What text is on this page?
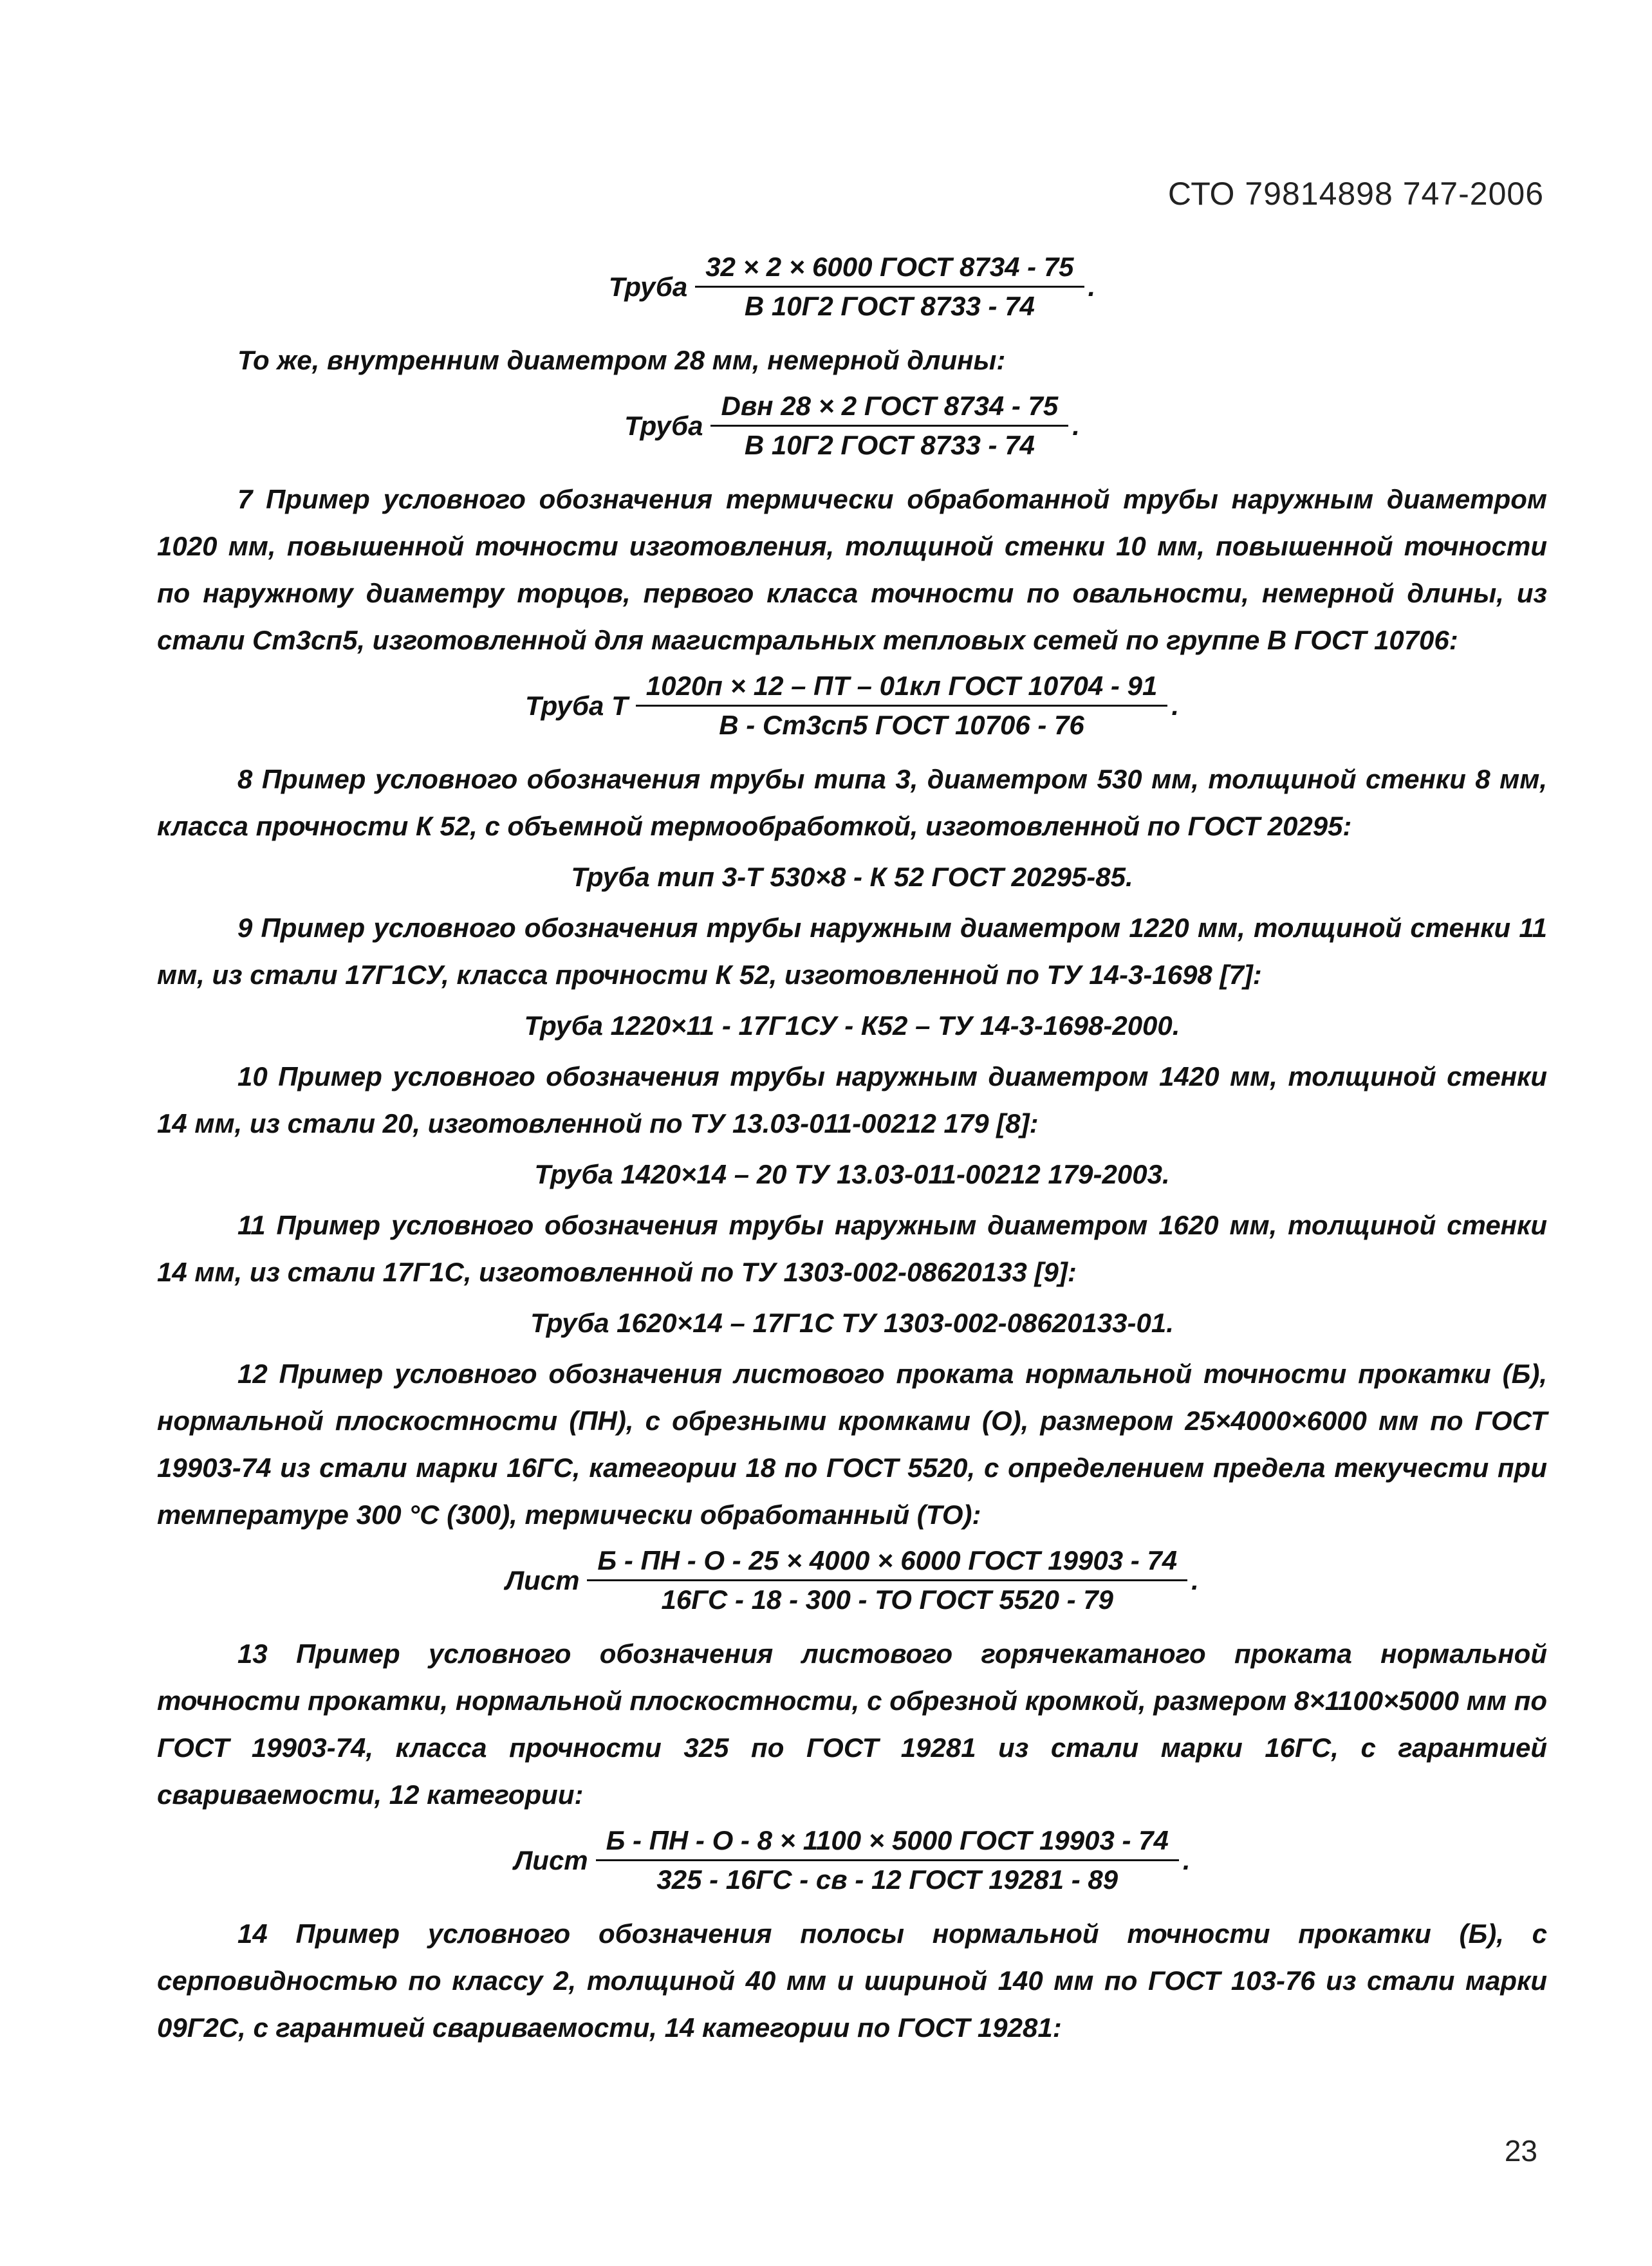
СТО 79814898 747-2006
Труба $\frac{\text{32 × 2 × 6000 ГОСТ 8734 - 75}}{\text{В 10Г2 ГОСТ 8733 - 74}}$ .

То же, внутренним диаметром 28 мм, немерной длины:

Труба $\frac{\text{Dвн 28 × 2 ГОСТ 8734 - 75}}{\text{В 10Г2 ГОСТ 8733 - 74}}$ .

7 Пример условного обозначения термически обработанной трубы наружным диаметром 1020 мм, повышенной точности изготовления, толщиной стенки 10 мм, повышенной точности по наружному диаметру торцов, первого класса точности по овальности, немерной длины, из стали Ст3сп5, изготовленной для магистральных тепловых сетей по группе В ГОСТ 10706:

Труба Т $\frac{\text{1020п × 12 – ПТ – 01кл ГОСТ 10704 - 91}}{\text{В - Ст3сп5 ГОСТ 10706 - 76}}$ .

8 Пример условного обозначения трубы типа 3, диаметром 530 мм, толщиной стенки 8 мм, класса прочности К 52, с объемной термообработкой, изготовленной по ГОСТ 20295:

Труба тип 3-Т 530×8 - К 52 ГОСТ 20295-85.

9 Пример условного обозначения трубы наружным диаметром 1220 мм, толщиной стенки 11 мм, из стали 17Г1СУ, класса прочности К 52, изготовленной по ТУ 14-3-1698 [7]:

Труба 1220×11 - 17Г1СУ - К52 – ТУ 14-3-1698-2000.

10 Пример условного обозначения трубы наружным диаметром 1420 мм, толщиной стенки 14 мм, из стали 20, изготовленной по ТУ 13.03-011-00212 179 [8]:

Труба 1420×14 – 20 ТУ 13.03-011-00212 179-2003.

11 Пример условного обозначения трубы наружным диаметром 1620 мм, толщиной стенки 14 мм, из стали 17Г1С, изготовленной по ТУ 1303-002-08620133 [9]:

Труба 1620×14 – 17Г1С ТУ 1303-002-08620133-01.

12 Пример условного обозначения листового проката нормальной точности прокатки (Б), нормальной плоскостности (ПН), с обрезными кромками (О), размером 25×4000×6000 мм по ГОСТ 19903-74 из стали марки 16ГС, категории 18 по ГОСТ 5520, с определением предела текучести при температуре 300 °С (300), термически обработанный (ТО):

Лист $\frac{\text{Б - ПН - О - 25 × 4000 × 6000 ГОСТ 19903 - 74}}{\text{16ГС - 18 - 300 - ТО ГОСТ 5520 - 79}}$ .

13 Пример условного обозначения листового горячекатаного проката нормальной точности прокатки, нормальной плоскостности, с обрезной кромкой, размером 8×1100×5000 мм по ГОСТ 19903-74, класса прочности 325 по ГОСТ 19281 из стали марки 16ГС, с гарантией свариваемости, 12 категории:

Лист $\frac{\text{Б - ПН - О - 8 × 1100 × 5000 ГОСТ 19903 - 74}}{\text{325 - 16ГС - св - 12 ГОСТ 19281 - 89}}$ .

14 Пример условного обозначения полосы нормальной точности прокатки (Б), с серповидностью по классу 2, толщиной 40 мм и шириной 140 мм по ГОСТ 103-76 из стали марки 09Г2С, с гарантией свариваемости, 14 категории по ГОСТ 19281:

23
